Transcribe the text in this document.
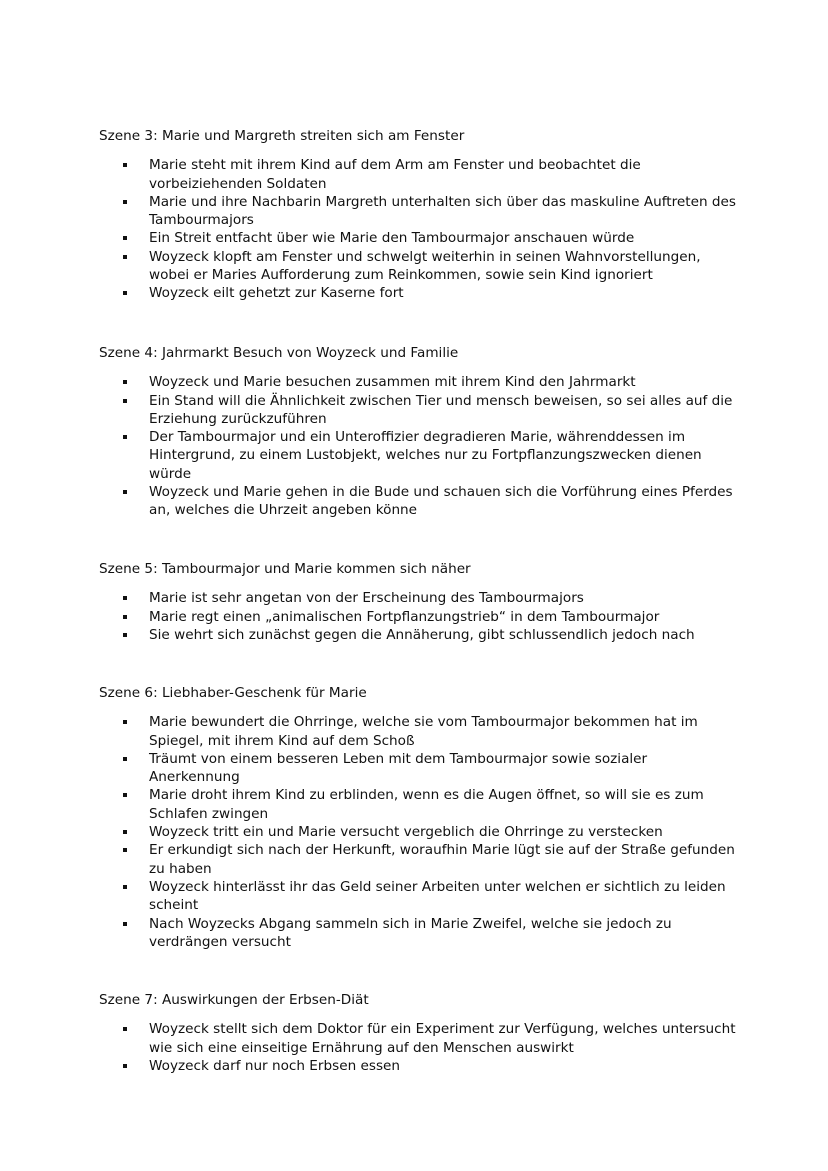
Szene 3: Marie und Margreth streiten sich am Fenster
Marie steht mit ihrem Kind auf dem Arm am Fenster und beobachtet die vorbeiziehenden Soldaten
Marie und ihre Nachbarin Margreth unterhalten sich über das maskuline Auftreten des Tambourmajors
Ein Streit entfacht über wie Marie den Tambourmajor anschauen würde
Woyzeck klopft am Fenster und schwelgt weiterhin in seinen Wahnvorstellungen, wobei er Maries Aufforderung zum Reinkommen, sowie sein Kind ignoriert
Woyzeck eilt gehetzt zur Kaserne fort
Szene 4: Jahrmarkt Besuch von Woyzeck und Familie
Woyzeck und Marie besuchen zusammen mit ihrem Kind den Jahrmarkt
Ein Stand will die Ähnlichkeit zwischen Tier und mensch beweisen, so sei alles auf die Erziehung zurückzuführen
Der Tambourmajor und ein Unteroffizier degradieren Marie, währenddessen im Hintergrund, zu einem Lustobjekt, welches nur zu Fortpflanzungszwecken dienen würde
Woyzeck und Marie gehen in die Bude und schauen sich die Vorführung eines Pferdes an, welches die Uhrzeit angeben könne
Szene 5: Tambourmajor und Marie kommen sich näher
Marie ist sehr angetan von der Erscheinung des Tambourmajors
Marie regt einen „animalischen Fortpflanzungstrieb“ in dem Tambourmajor
Sie wehrt sich zunächst gegen die Annäherung, gibt schlussendlich jedoch nach
Szene 6: Liebhaber-Geschenk für Marie
Marie bewundert die Ohrringe, welche sie vom Tambourmajor bekommen hat im Spiegel, mit ihrem Kind auf dem Schoß
Träumt von einem besseren Leben mit dem Tambourmajor sowie sozialer Anerkennung
Marie droht ihrem Kind zu erblinden, wenn es die Augen öffnet, so will sie es zum Schlafen zwingen
Woyzeck tritt ein und Marie versucht vergeblich die Ohrringe zu verstecken
Er erkundigt sich nach der Herkunft, woraufhin Marie lügt sie auf der Straße gefunden zu haben
Woyzeck hinterlässt ihr das Geld seiner Arbeiten unter welchen er sichtlich zu leiden scheint
Nach Woyzecks Abgang sammeln sich in Marie Zweifel, welche sie jedoch zu verdrängen versucht
Szene 7: Auswirkungen der Erbsen-Diät
Woyzeck stellt sich dem Doktor für ein Experiment zur Verfügung, welches untersucht wie sich eine einseitige Ernährung auf den Menschen auswirkt
Woyzeck darf nur noch Erbsen essen
